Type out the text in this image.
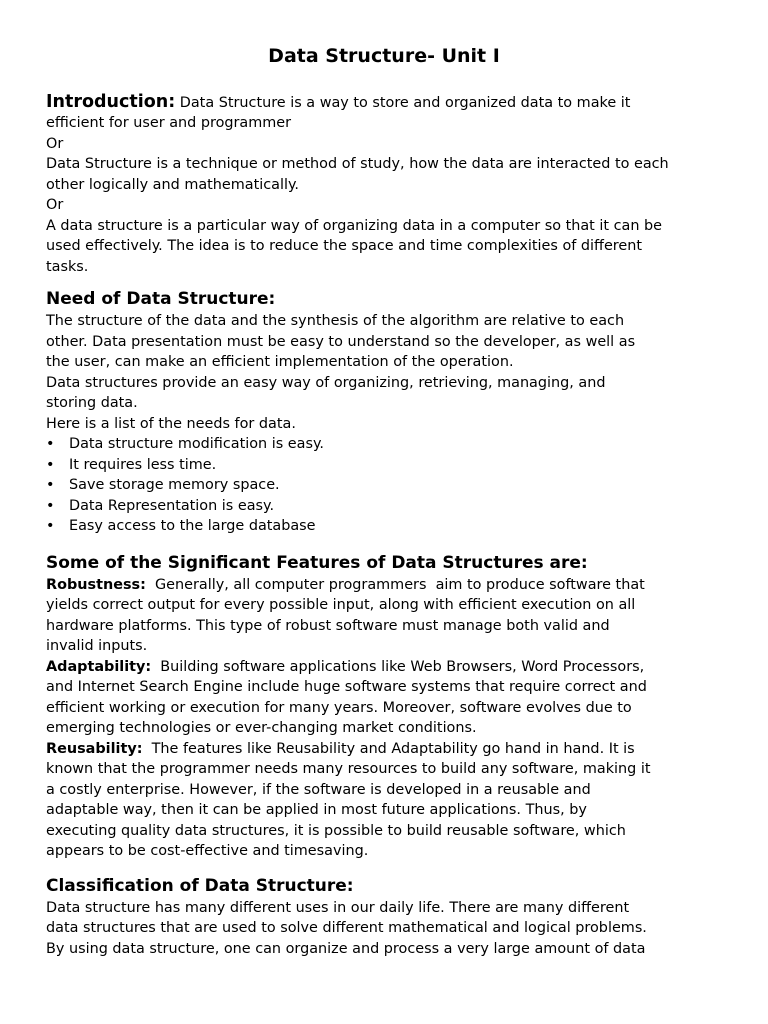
Data Structure- Unit I
Introduction: Data Structure is a way to store and organized data to make it
efficient for user and programmer
Or
Data Structure is a technique or method of study, how the data are interacted to each
other logically and mathematically.
Or
A data structure is a particular way of organizing data in a computer so that it can be
used effectively. The idea is to reduce the space and time complexities of different
tasks.
Need of Data Structure:
The structure of the data and the synthesis of the algorithm are relative to each
other. Data presentation must be easy to understand so the developer, as well as
the user, can make an efficient implementation of the operation.
Data structures provide an easy way of organizing, retrieving, managing, and
storing data.
Here is a list of the needs for data.
• Data structure modification is easy.
• It requires less time.
• Save storage memory space.
• Data Representation is easy.
• Easy access to the large database
Some of the Significant Features of Data Structures are:
Robustness:  Generally, all computer programmers  aim to produce software that
yields correct output for every possible input, along with efficient execution on all
hardware platforms. This type of robust software must manage both valid and
invalid inputs.
Adaptability:  Building software applications like Web Browsers, Word Processors,
and Internet Search Engine include huge software systems that require correct and
efficient working or execution for many years. Moreover, software evolves due to
emerging technologies or ever-changing market conditions.
Reusability:  The features like Reusability and Adaptability go hand in hand. It is
known that the programmer needs many resources to build any software, making it
a costly enterprise. However, if the software is developed in a reusable and
adaptable way, then it can be applied in most future applications. Thus, by
executing quality data structures, it is possible to build reusable software, which
appears to be cost-effective and timesaving.
Classification of Data Structure:
Data structure has many different uses in our daily life. There are many different
data structures that are used to solve different mathematical and logical problems.
By using data structure, one can organize and process a very large amount of data
